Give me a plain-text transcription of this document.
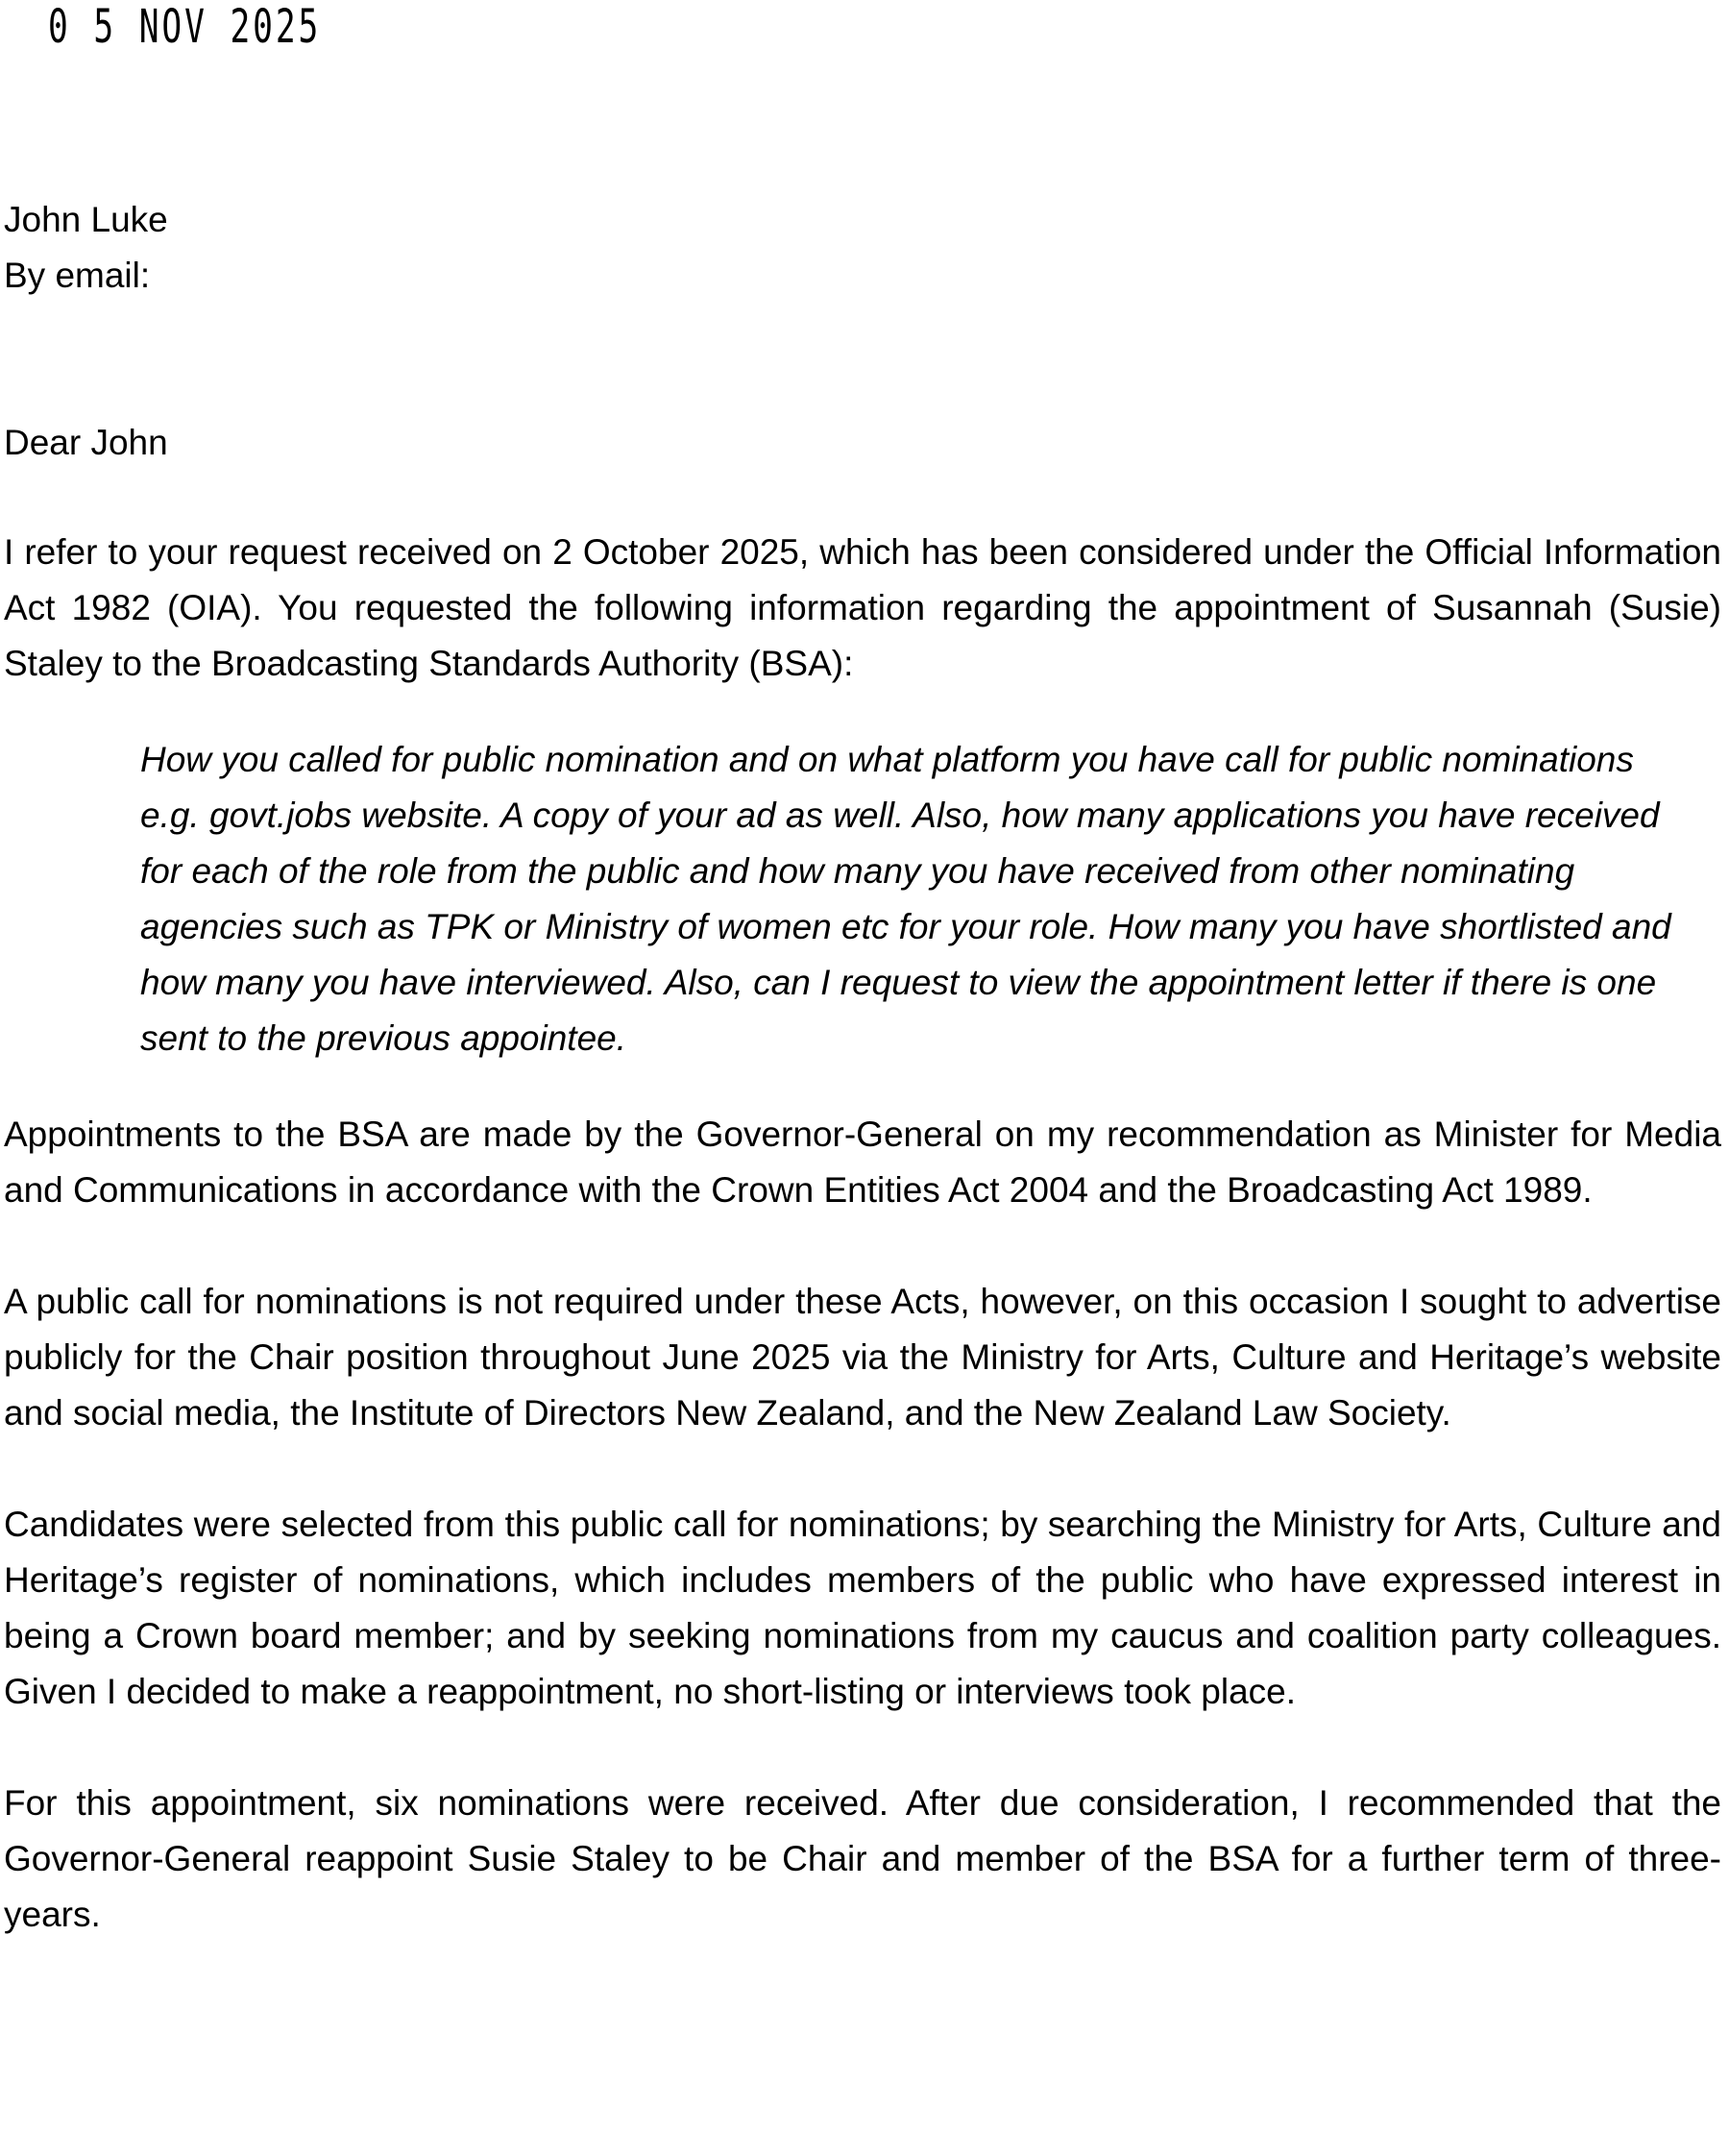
0 5 NOV 2025

John Luke

By email:

Dear John

I refer to your request received on 2 October 2025, which has been considered under the Official Information Act 1982 (OIA). You requested the following information regarding the appointment of Susannah (Susie) Staley to the Broadcasting Standards Authority (BSA):

How you called for public nomination and on what platform you have call for public nominations e.g. govt.jobs website. A copy of your ad as well. Also, how many applications you have received for each of the role from the public and how many you have received from other nominating agencies such as TPK or Ministry of women etc for your role. How many you have shortlisted and how many you have interviewed. Also, can I request to view the appointment letter if there is one sent to the previous appointee.

Appointments to the BSA are made by the Governor-General on my recommendation as Minister for Media and Communications in accordance with the Crown Entities Act 2004 and the Broadcasting Act 1989.

A public call for nominations is not required under these Acts, however, on this occasion I sought to advertise publicly for the Chair position throughout June 2025 via the Ministry for Arts, Culture and Heritage’s website and social media, the Institute of Directors New Zealand, and the New Zealand Law Society.

Candidates were selected from this public call for nominations; by searching the Ministry for Arts, Culture and Heritage’s register of nominations, which includes members of the public who have expressed interest in being a Crown board member; and by seeking nominations from my caucus and coalition party colleagues. Given I decided to make a reappointment, no short-listing or interviews took place.

For this appointment, six nominations were received. After due consideration, I recommended that the Governor-General reappoint Susie Staley to be Chair and member of the BSA for a further term of three-years.
